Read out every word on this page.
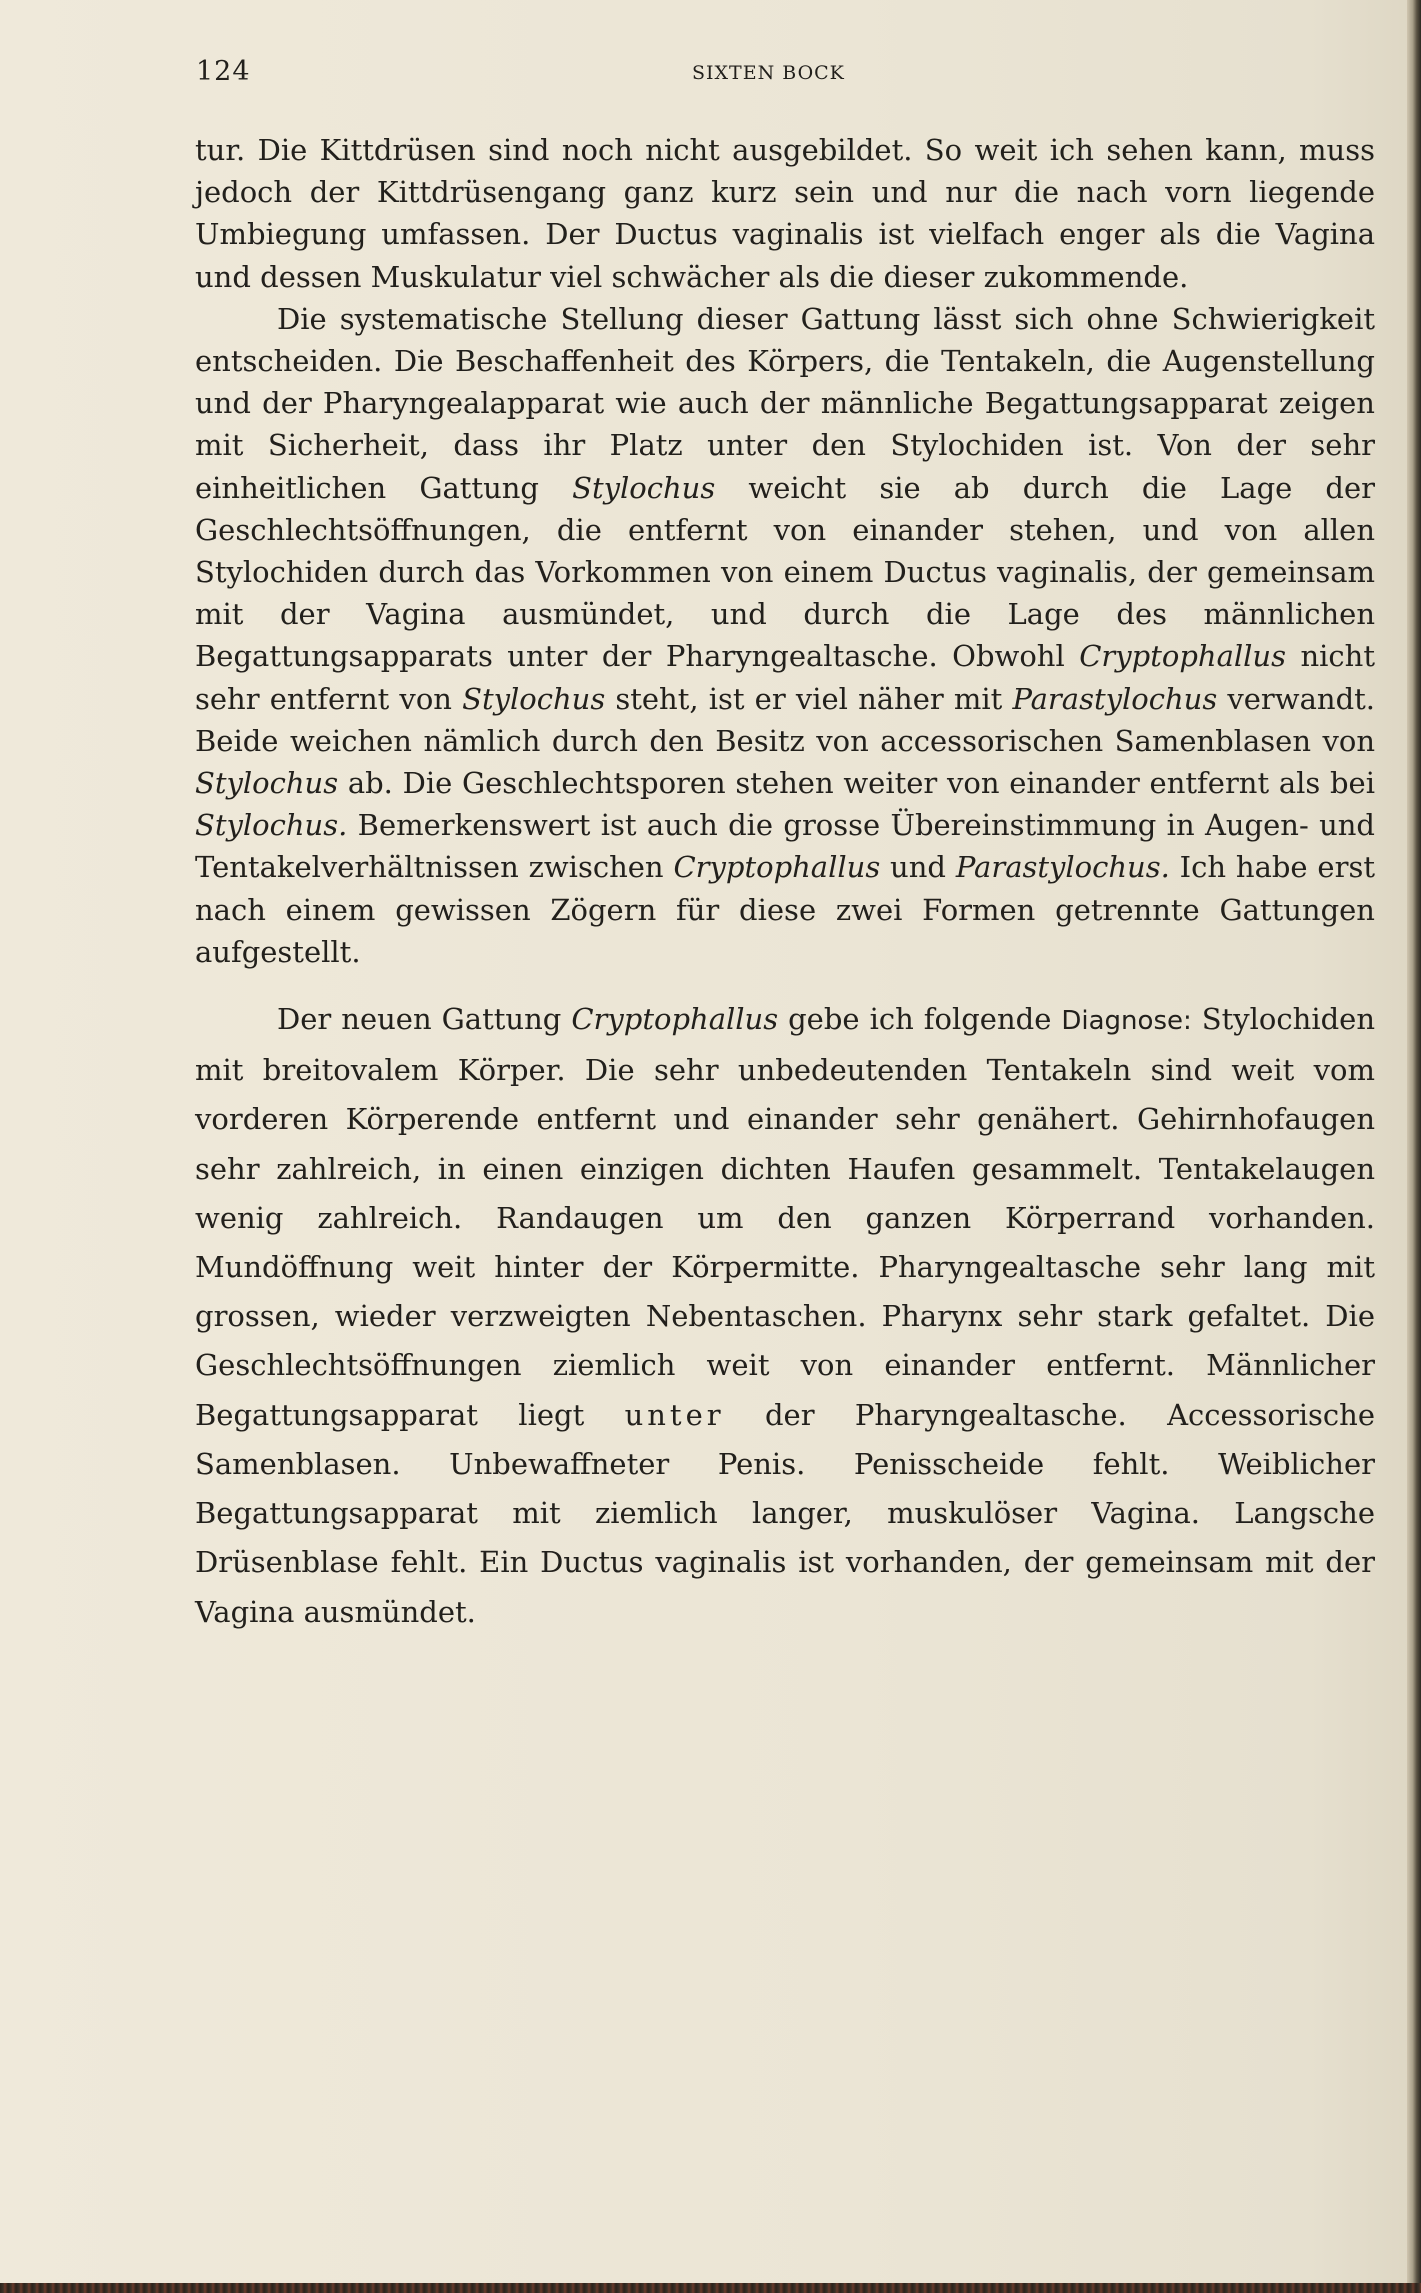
124	SIXTEN BOCK

tur. Die Kittdrüsen sind noch nicht ausgebildet. So weit ich sehen kann, muss jedoch der Kittdrüsengang ganz kurz sein und nur die nach vorn liegende Umbiegung umfassen. Der Ductus vaginalis ist vielfach enger als die Vagina und dessen Muskulatur viel schwächer als die dieser zukommende.

Die systematische Stellung dieser Gattung lässt sich ohne Schwierigkeit entscheiden. Die Beschaffenheit des Körpers, die Tentakeln, die Augenstellung und der Pharyngealapparat wie auch der männliche Begattungsapparat zeigen mit Sicherheit, dass ihr Platz unter den Stylochiden ist. Von der sehr einheitlichen Gattung Stylochus weicht sie ab durch die Lage der Geschlechtsöffnungen, die entfernt von einander stehen, und von allen Stylochiden durch das Vorkommen von einem Ductus vaginalis, der gemeinsam mit der Vagina ausmündet, und durch die Lage des männlichen Begattungsapparats unter der Pharyngealtasche. Obwohl Cryptophallus nicht sehr entfernt von Stylochus steht, ist er viel näher mit Parastylochus verwandt. Beide weichen nämlich durch den Besitz von accessorischen Samenblasen von Stylochus ab. Die Geschlechtsporen stehen weiter von einander entfernt als bei Stylochus. Bemerkenswert ist auch die grosse Übereinstimmung in Augen- und Tentakelverhältnissen zwischen Cryptophallus und Parastylochus. Ich habe erst nach einem gewissen Zögern für diese zwei Formen getrennte Gattungen aufgestellt.

Der neuen Gattung Cryptophallus gebe ich folgende Diagnose: Stylochiden mit breitovalem Körper. Die sehr unbedeutenden Tentakeln sind weit vom vorderen Körperende entfernt und einander sehr genähert. Gehirnhofaugen sehr zahlreich, in einen einzigen dichten Haufen gesammelt. Tentakelaugen wenig zahlreich. Randaugen um den ganzen Körperrand vorhanden. Mundöffnung weit hinter der Körpermitte. Pharyngealtasche sehr lang mit grossen, wieder verzweigten Nebentaschen. Pharynx sehr stark gefaltet. Die Geschlechtsöffnungen ziemlich weit von einander entfernt. Männlicher Begattungsapparat liegt unter der Pharyngealtasche. Accessorische Samenblasen. Unbewaffneter Penis. Penisscheide fehlt. Weiblicher Begattungsapparat mit ziemlich langer, muskulöser Vagina. Langsche Drüsenblase fehlt. Ein Ductus vaginalis ist vorhanden, der gemeinsam mit der Vagina ausmündet.
